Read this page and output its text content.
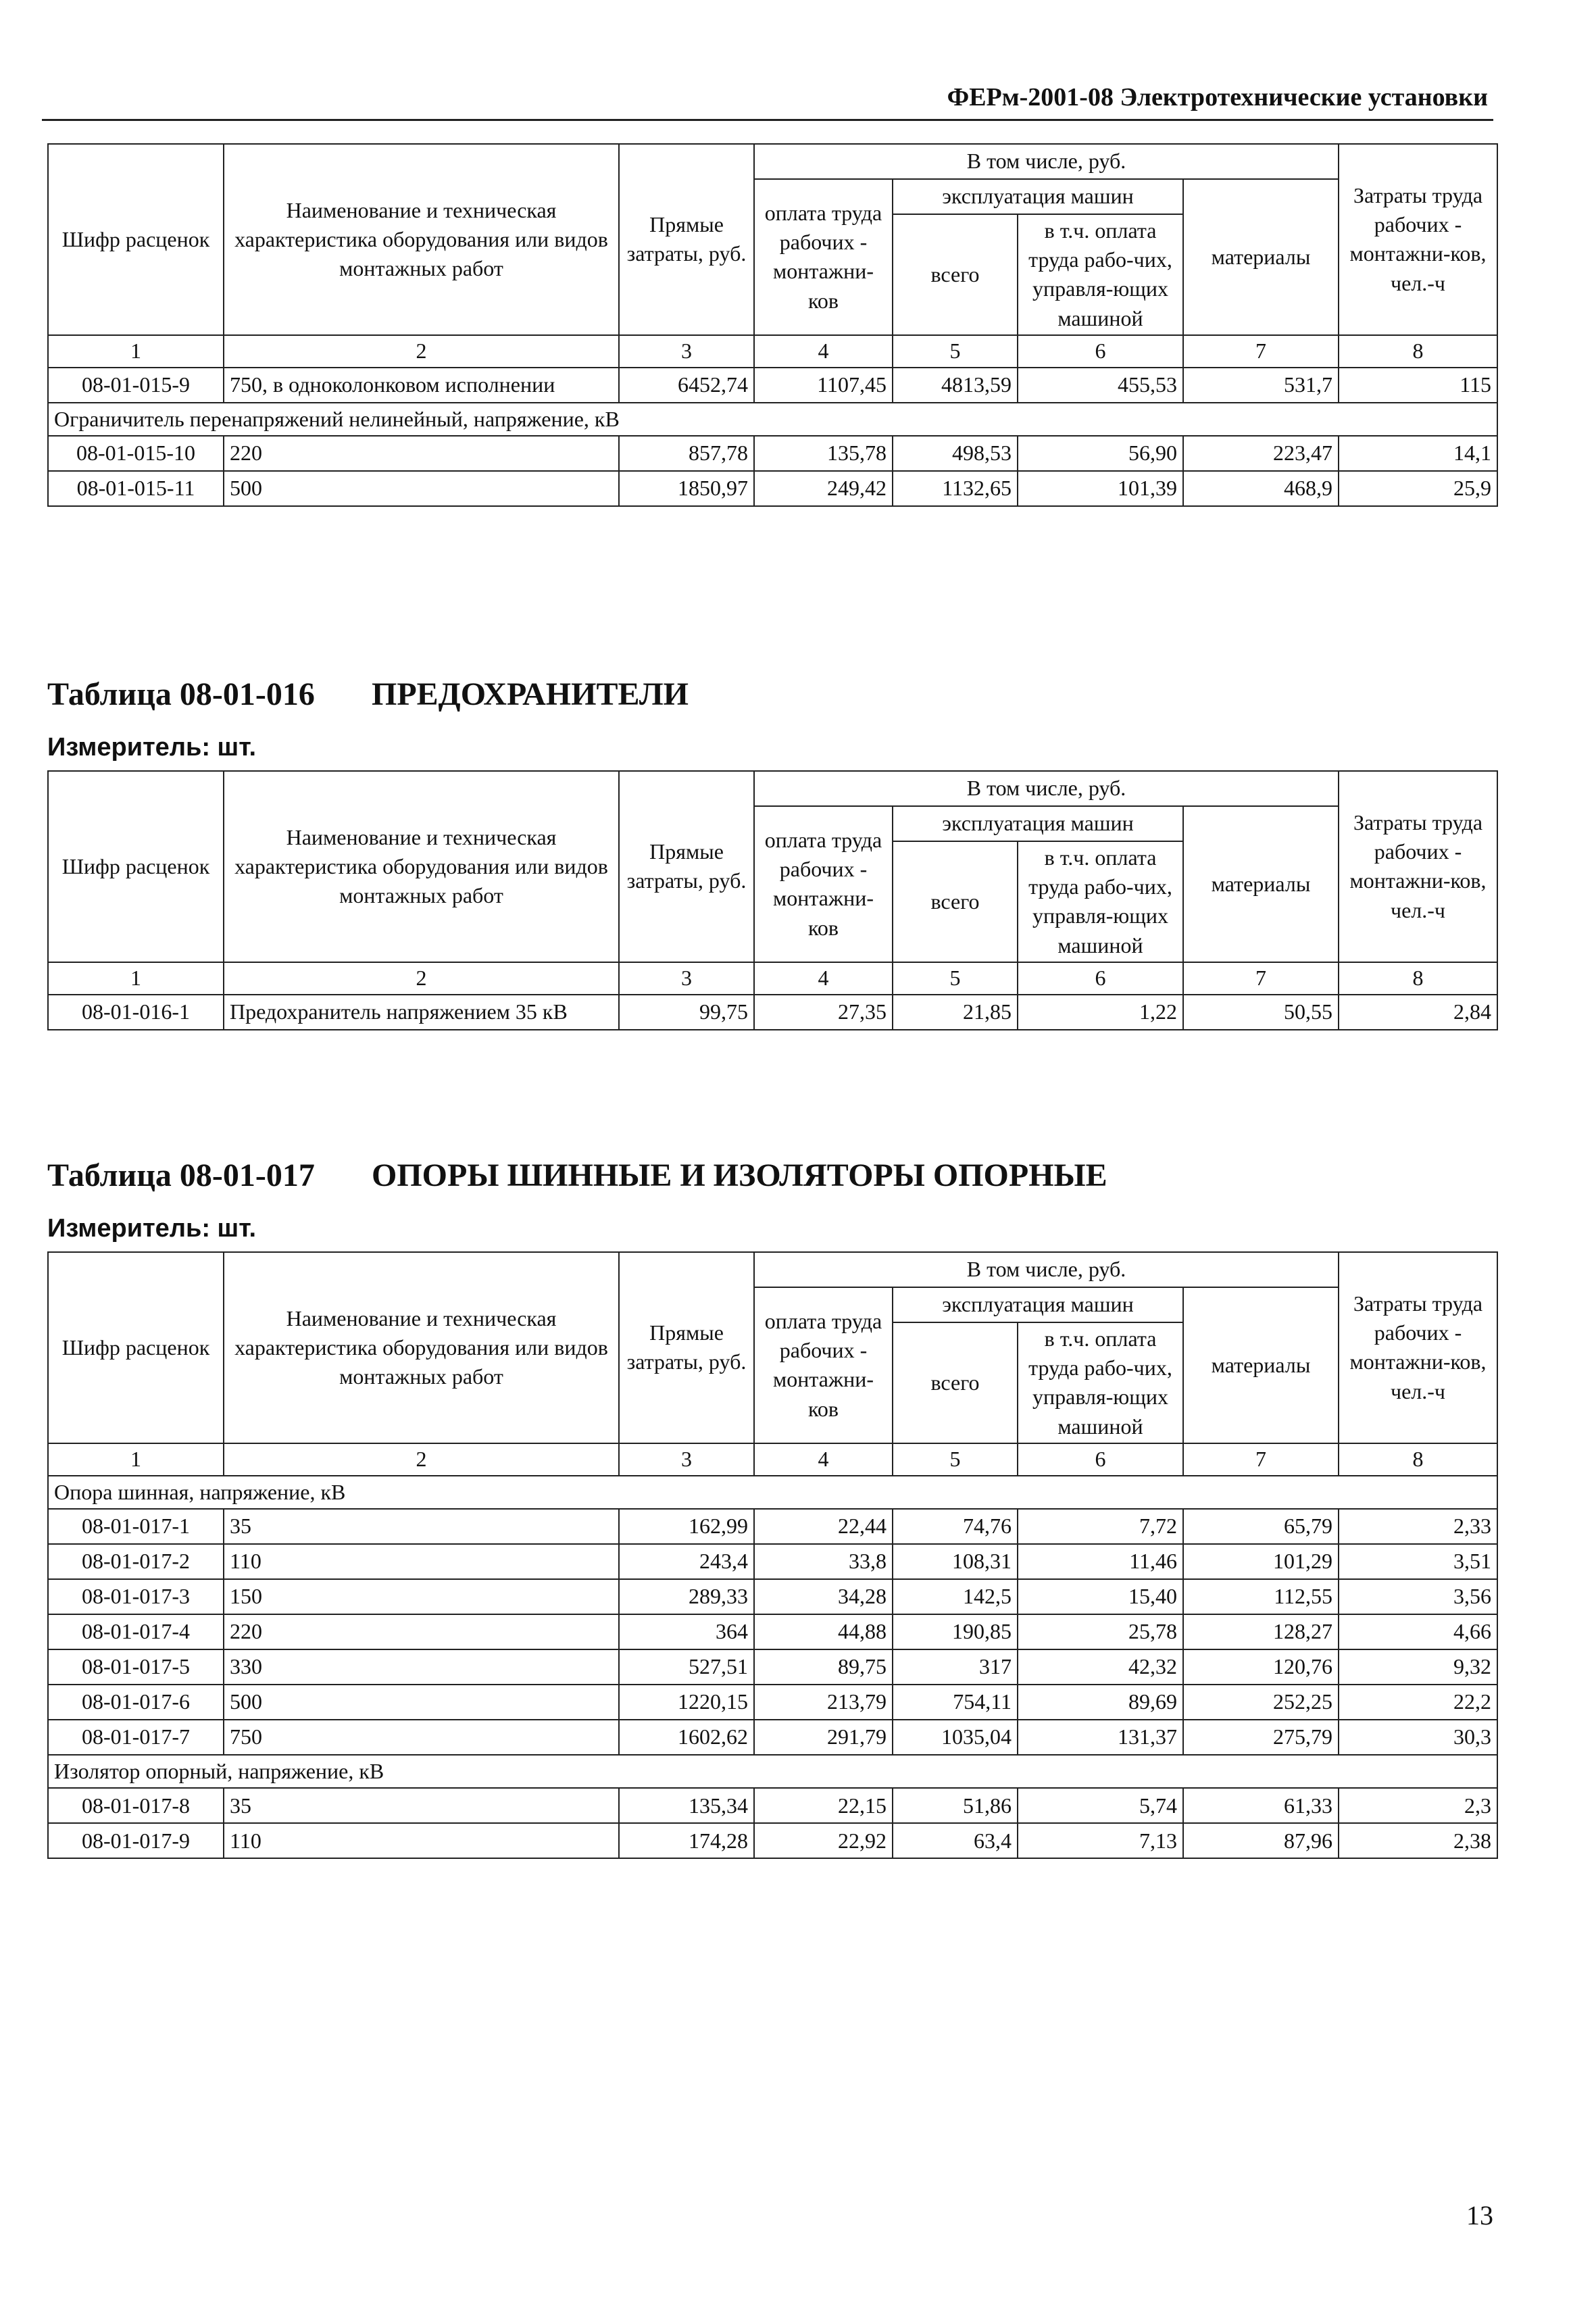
ФЕРм-2001-08 Электротехнические установки
Шифр расценок	Наименование и техническая характеристика оборудования или видов монтажных работ	Прямые затраты, руб.	В том числе, руб.				Затраты труда рабочих - монтажни-ков, чел.-ч
			оплата труда рабочих - монтажни-ков	эксплуатация машин		материалы	
				всего	в т.ч. оплата труда рабо-чих, управля-ющих машиной		
1	2	3	4	5	6	7	8
08-01-015-9	750, в одноколонковом исполнении	6452,74	1107,45	4813,59	455,53	531,7	115
Ограничитель перенапряжений нелинейный, напряжение, кВ							
08-01-015-10	220	857,78	135,78	498,53	56,90	223,47	14,1
08-01-015-11	500	1850,97	249,42	1132,65	101,39	468,9	25,9
Таблица 08-01-016 ПРЕДОХРАНИТЕЛИ
Измеритель: шт.
Шифр расценок	Наименование и техническая характеристика оборудования или видов монтажных работ	Прямые затраты, руб.	В том числе, руб.				Затраты труда рабочих - монтажни-ков, чел.-ч
			оплата труда рабочих - монтажни-ков	эксплуатация машин		материалы	
				всего	в т.ч. оплата труда рабо-чих, управля-ющих машиной		
1	2	3	4	5	6	7	8
08-01-016-1	Предохранитель напряжением 35 кВ	99,75	27,35	21,85	1,22	50,55	2,84
Таблица 08-01-017 ОПОРЫ ШИННЫЕ И ИЗОЛЯТОРЫ ОПОРНЫЕ
Измеритель: шт.
Шифр расценок	Наименование и техническая характеристика оборудования или видов монтажных работ	Прямые затраты, руб.	В том числе, руб.				Затраты труда рабочих - монтажни-ков, чел.-ч
			оплата труда рабочих - монтажни-ков	эксплуатация машин		материалы	
				всего	в т.ч. оплата труда рабо-чих, управля-ющих машиной		
1	2	3	4	5	6	7	8
Опора шинная, напряжение, кВ							
08-01-017-1	35	162,99	22,44	74,76	7,72	65,79	2,33
08-01-017-2	110	243,4	33,8	108,31	11,46	101,29	3,51
08-01-017-3	150	289,33	34,28	142,5	15,40	112,55	3,56
08-01-017-4	220	364	44,88	190,85	25,78	128,27	4,66
08-01-017-5	330	527,51	89,75	317	42,32	120,76	9,32
08-01-017-6	500	1220,15	213,79	754,11	89,69	252,25	22,2
08-01-017-7	750	1602,62	291,79	1035,04	131,37	275,79	30,3
Изолятор опорный, напряжение, кВ							
08-01-017-8	35	135,34	22,15	51,86	5,74	61,33	2,3
08-01-017-9	110	174,28	22,92	63,4	7,13	87,96	2,38
13
